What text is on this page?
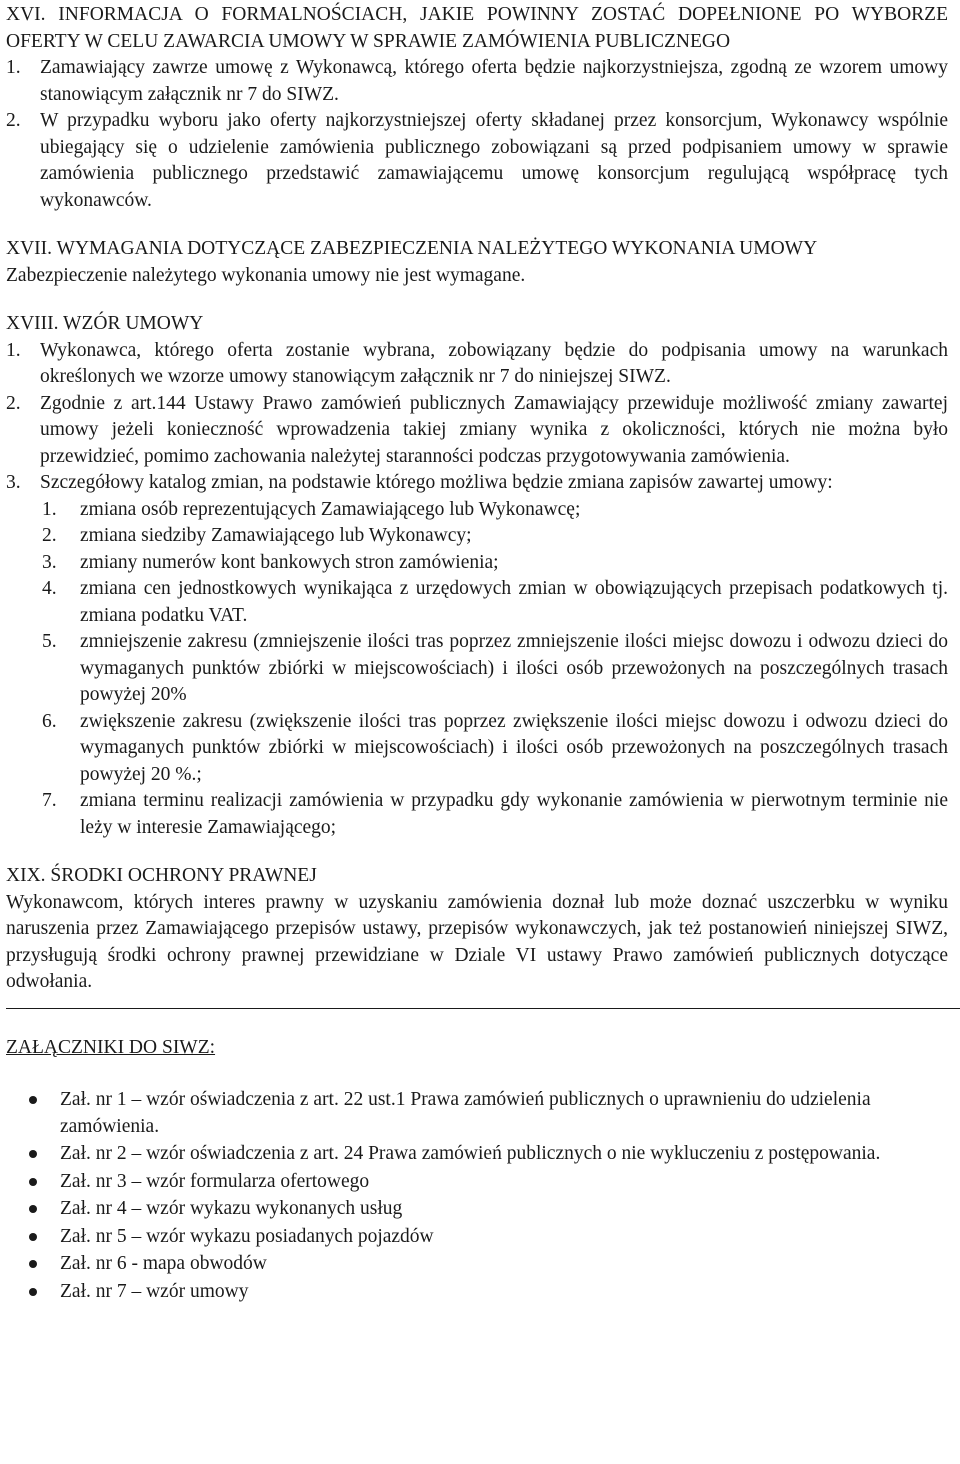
XVI. INFORMACJA O FORMALNOŚCIACH, JAKIE POWINNY ZOSTAĆ DOPEŁNIONE PO WYBORZE OFERTY W CELU ZAWARCIA UMOWY W SPRAWIE ZAMÓWIENIA PUBLICZNEGO

1. Zamawiający zawrze umowę z Wykonawcą, którego oferta będzie najkorzystniejsza, zgodną ze wzorem umowy stanowiącym załącznik nr 7 do SIWZ.
2. W przypadku wyboru jako oferty najkorzystniejszej oferty składanej przez konsorcjum, Wykonawcy wspólnie ubiegający się o udzielenie zamówienia publicznego zobowiązani są przed podpisaniem umowy w sprawie zamówienia publicznego przedstawić zamawiającemu umowę konsorcjum regulującą współpracę tych wykonawców.

XVII. WYMAGANIA DOTYCZĄCE ZABEZPIECZENIA NALEŻYTEGO WYKONANIA UMOWY

Zabezpieczenie należytego wykonania umowy nie jest wymagane.

XVIII. WZÓR UMOWY

1. Wykonawca, którego oferta zostanie wybrana, zobowiązany będzie do podpisania umowy na warunkach określonych we wzorze umowy stanowiącym załącznik nr 7 do niniejszej SIWZ.
2. Zgodnie z art.144 Ustawy Prawo zamówień publicznych Zamawiający przewiduje możliwość zmiany zawartej umowy jeżeli konieczność wprowadzenia takiej zmiany wynika z okoliczności, których nie można było przewidzieć, pomimo zachowania należytej staranności podczas przygotowywania zamówienia.
3. Szczegółowy katalog zmian, na podstawie którego możliwa będzie zmiana zapisów zawartej umowy:
1.	zmiana osób reprezentujących Zamawiającego lub Wykonawcę;
2.	zmiana siedziby Zamawiającego lub Wykonawcy;
3.	zmiany numerów kont bankowych stron zamówienia;
4.	zmiana cen jednostkowych wynikająca z urzędowych zmian w obowiązujących przepisach podatkowych tj. zmiana podatku VAT.
5.	zmniejszenie zakresu (zmniejszenie ilości tras poprzez zmniejszenie ilości miejsc dowozu i odwozu dzieci do wymaganych punktów zbiórki w miejscowościach) i ilości osób przewożonych na poszczególnych trasach powyżej 20%
6.	zwiększenie zakresu (zwiększenie ilości tras poprzez zwiększenie ilości miejsc dowozu i odwozu dzieci do wymaganych punktów zbiórki w miejscowościach) i ilości osób przewożonych na poszczególnych trasach powyżej 20 %.;
7.	zmiana terminu realizacji zamówienia w przypadku gdy wykonanie zamówienia w pierwotnym terminie nie leży w interesie Zamawiającego;

XIX. ŚRODKI OCHRONY PRAWNEJ

Wykonawcom, których interes prawny w uzyskaniu zamówienia doznał lub może doznać uszczerbku w wyniku naruszenia przez Zamawiającego przepisów ustawy, przepisów wykonawczych, jak też postanowień niniejszej SIWZ, przysługują środki ochrony prawnej przewidziane w Dziale VI ustawy Prawo zamówień publicznych dotyczące odwołania.

ZAŁĄCZNIKI DO SIWZ:

Zał. nr 1 – wzór oświadczenia z art. 22 ust.1 Prawa zamówień publicznych o uprawnieniu do udzielenia zamówienia.
Zał. nr 2 – wzór oświadczenia z art. 24 Prawa zamówień publicznych o nie wykluczeniu z postępowania.
Zał. nr 3 – wzór formularza ofertowego
Zał. nr 4 – wzór wykazu wykonanych usług
Zał. nr 5 – wzór wykazu posiadanych pojazdów
Zał. nr 6 - mapa obwodów
Zał. nr 7 – wzór umowy
